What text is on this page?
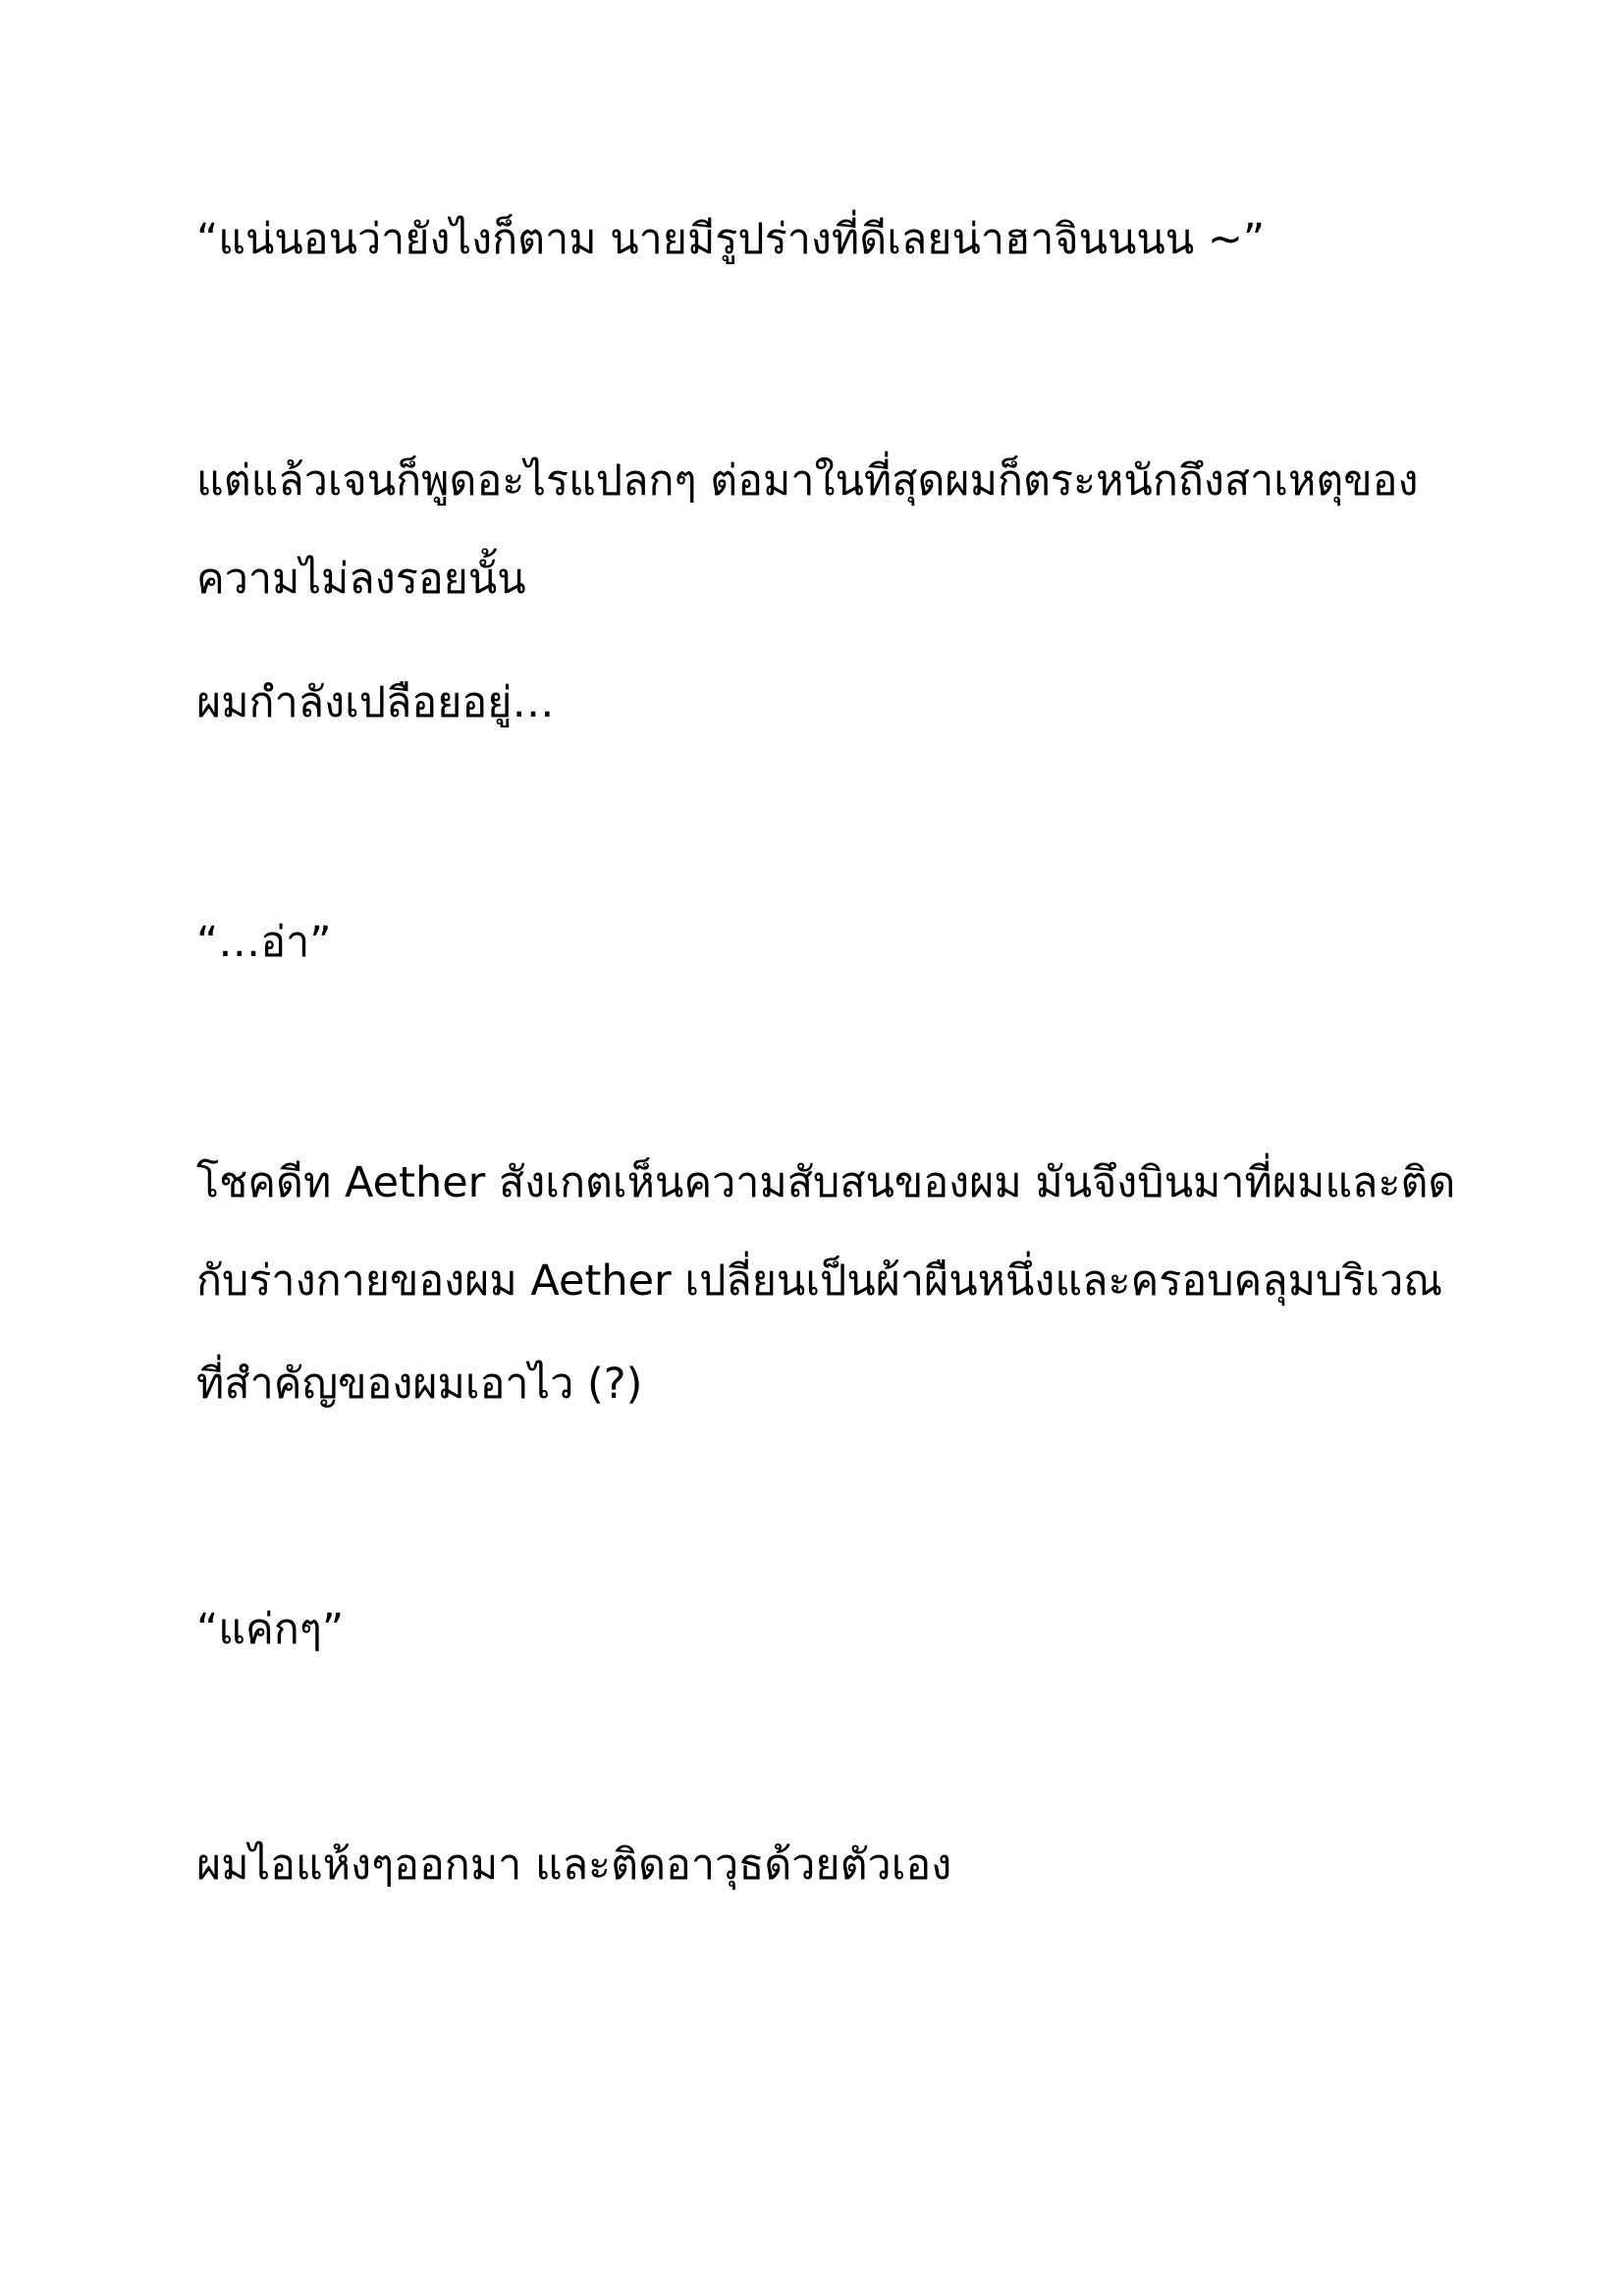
“แน่นอนว่ายังไงก็ตาม นายมีรูปร่างที่ดีเลยน่าฮาจินนนน ~”
แต่แล้วเจนก็พูดอะไรแปลกๆ ต่อมาในที่สุดผมก็ตระหนักถึงสาเหตุของ
ความไม่ลงรอยนั้น
ผมกำลังเปลือยอยู่…
“…อ่า”
โชคดีท Aether สังเกตเห็นความสับสนของผม มันจึงบินมาที่ผมและติด
กับร่างกายของผม Aether เปลี่ยนเป็นผ้าผืนหนึ่งและครอบคลุมบริเวณ
ที่สำคัญของผมเอาไว (?)
“แค่กๆ”
ผมไอแห้งๆออกมา และติดอาวุธด้วยตัวเอง
